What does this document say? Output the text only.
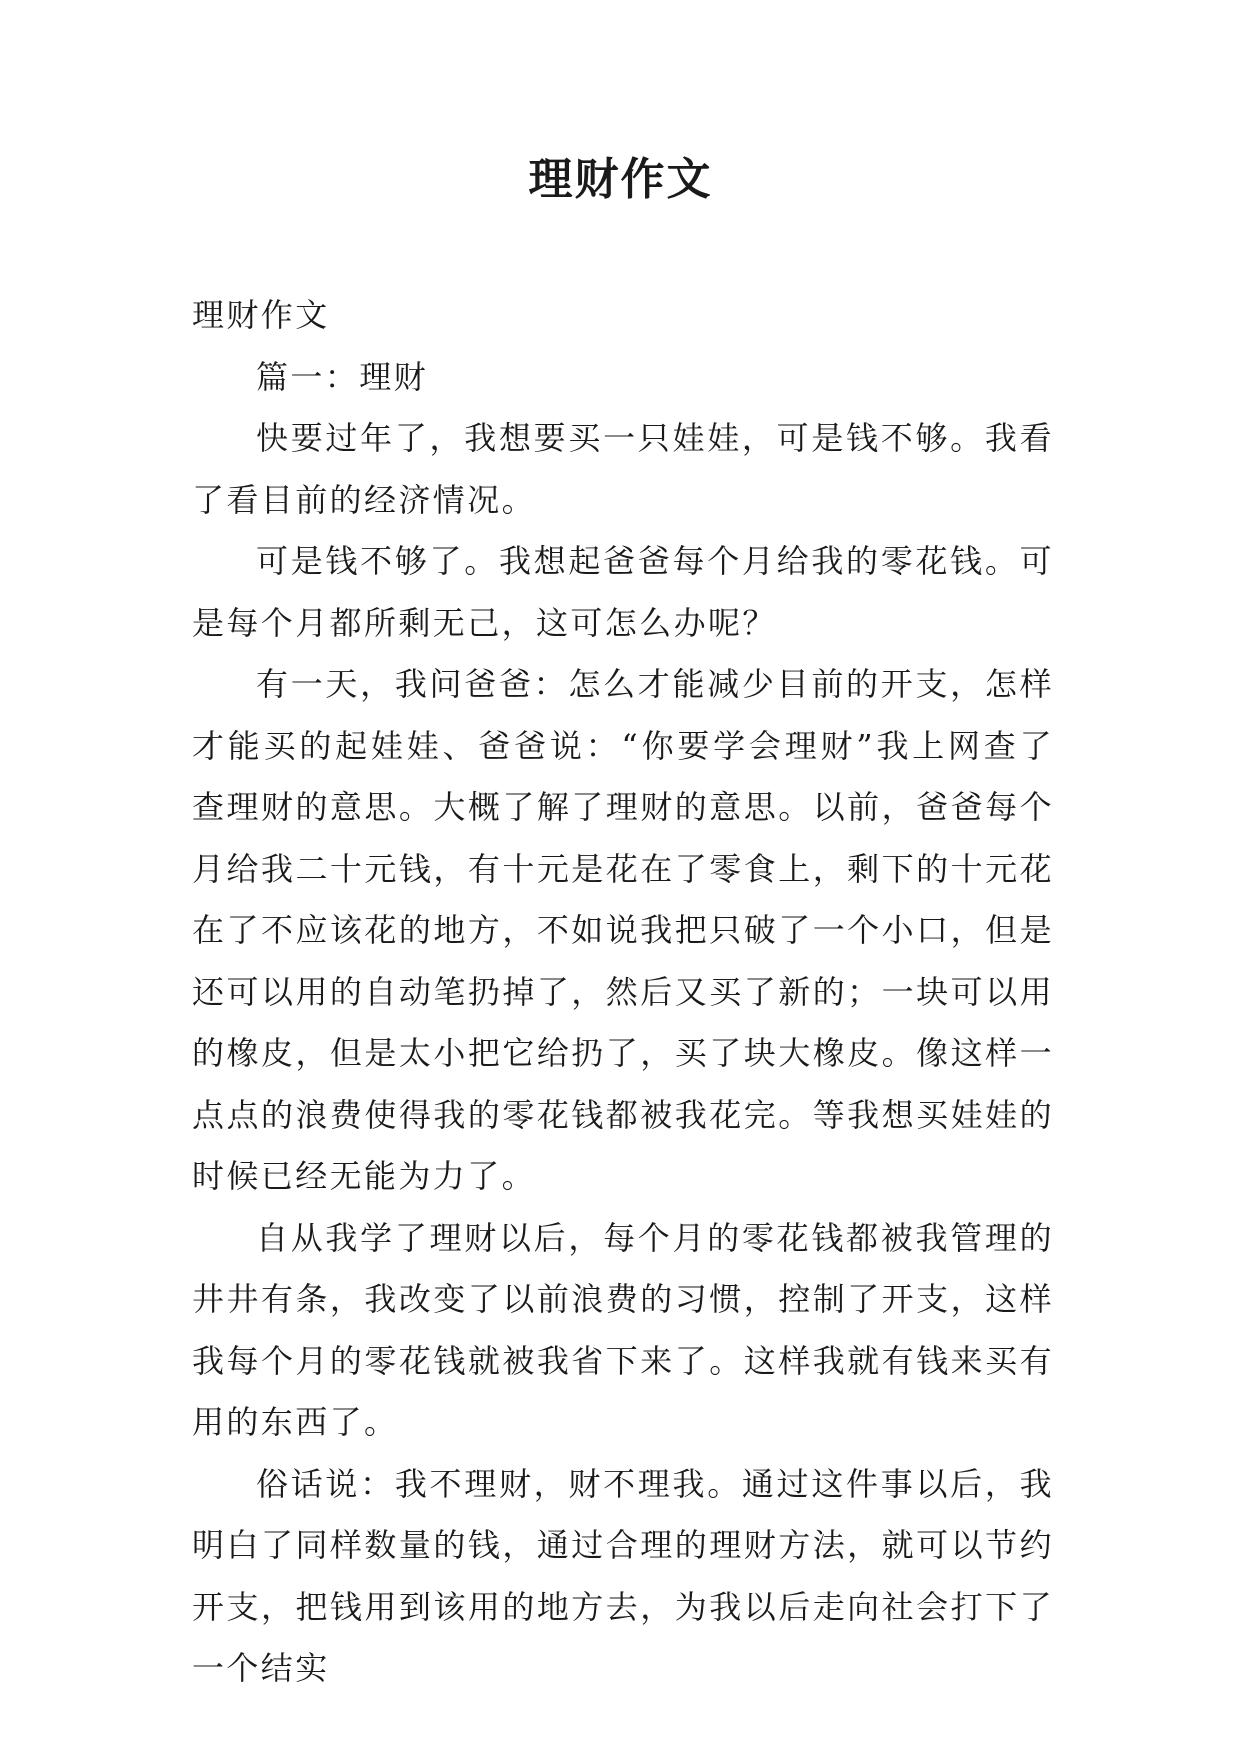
理财作文

理财作文

篇一：理财

快要过年了，我想要买一只娃娃，可是钱不够。我看了看目前的经济情况。

可是钱不够了。我想起爸爸每个月给我的零花钱。可是每个月都所剩无己，这可怎么办呢？

有一天，我问爸爸：怎么才能减少目前的开支，怎样才能买的起娃娃、爸爸说：“你要学会理财”我上网查了查理财的意思。大概了解了理财的意思。以前，爸爸每个月给我二十元钱，有十元是花在了零食上，剩下的十元花在了不应该花的地方，不如说我把只破了一个小口，但是还可以用的自动笔扔掉了，然后又买了新的；一块可以用的橡皮，但是太小把它给扔了，买了块大橡皮。像这样一点点的浪费使得我的零花钱都被我花完。等我想买娃娃的时候已经无能为力了。

自从我学了理财以后，每个月的零花钱都被我管理的井井有条，我改变了以前浪费的习惯，控制了开支，这样我每个月的零花钱就被我省下来了。这样我就有钱来买有用的东西了。

俗话说：我不理财，财不理我。通过这件事以后，我明白了同样数量的钱，通过合理的理财方法，就可以节约开支，把钱用到该用的地方去，为我以后走向社会打下了一个结实
